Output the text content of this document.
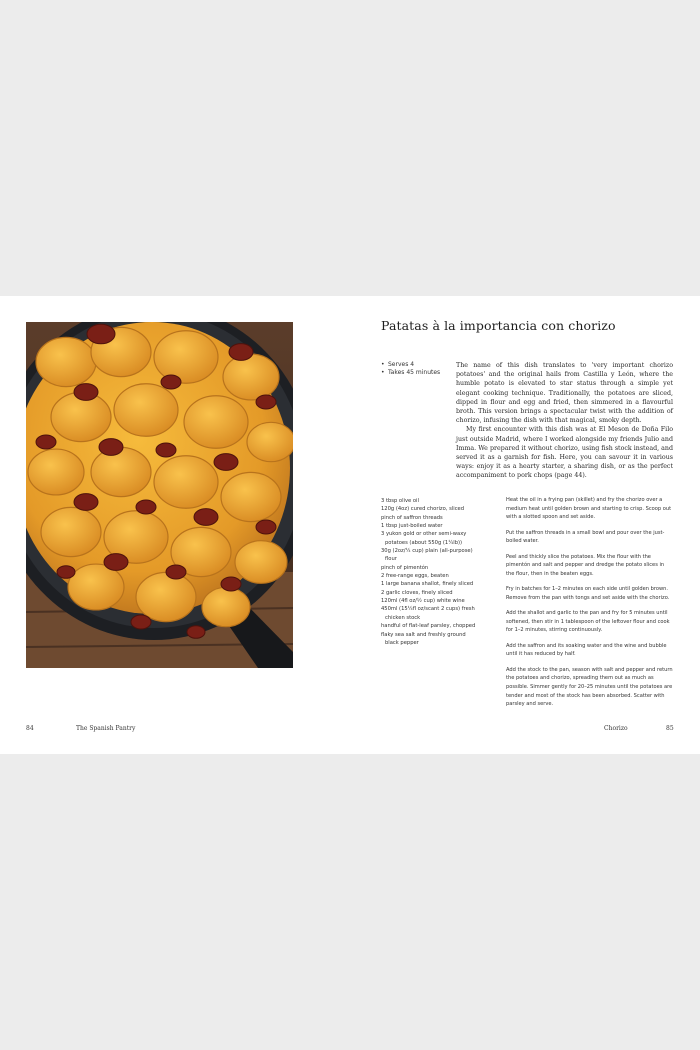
Patatas à la importancia con chorizo
• Serves 4
• Takes 45 minutes

The name of this dish translates to 'very important chorizo potatoes' and the original hails from Castilla y León, where the humble potato is elevated to star status through a simple yet elegant cooking technique. Traditionally, the potatoes are sliced, dipped in flour and egg and fried, then simmered in a flavourful broth. This version brings a spectacular twist with the addition of chorizo, infusing the dish with that magical, smoky depth.

My first encounter with this dish was at El Meson de Doña Filo just outside Madrid, where I worked alongside my friends Julio and Imma. We prepared it without chorizo, using fish stock instead, and served it as a garnish for fish. Here, you can savour it in various ways: enjoy it as a hearty starter, a sharing dish, or as the perfect accompaniment to pork chops (page 44).

3 tbsp olive oil
120g (4oz) cured chorizo, sliced
pinch of saffron threads
1 tbsp just-boiled water
3 yukon gold or other semi-waxy
potatoes (about 550g (1¼lb))
30g (2oz/¼ cup) plain (all-purpose)
flour
pinch of pimentón
2 free-range eggs, beaten
1 large banana shallot, finely sliced
2 garlic cloves, finely sliced
120ml (4fl oz/½ cup) white wine
450ml (15¼fl oz/scant 2 cups) fresh
chicken stock
handful of flat-leaf parsley, chopped
flaky sea salt and freshly ground
black pepper

Heat the oil in a frying pan (skillet) and fry the chorizo over a medium heat until golden brown and starting to crisp. Scoop out with a slotted spoon and set aside.

Put the saffron threads in a small bowl and pour over the just-boiled water.

Peel and thickly slice the potatoes. Mix the flour with the pimentón and salt and pepper and dredge the potato slices in the flour, then in the beaten eggs.

Fry in batches for 1–2 minutes on each side until golden brown. Remove from the pan with tongs and set aside with the chorizo.

Add the shallot and garlic to the pan and fry for 5 minutes until softened, then stir in 1 tablespoon of the leftover flour and cook for 1–2 minutes, stirring continuously.

Add the saffron and its soaking water and the wine and bubble until it has reduced by half.

Add the stock to the pan, season with salt and pepper and return the potatoes and chorizo, spreading them out as much as possible. Simmer gently for 20–25 minutes until the potatoes are tender and most of the stock has been absorbed. Scatter with parsley and serve.

84	The Spanish Pantry	Chorizo	85
